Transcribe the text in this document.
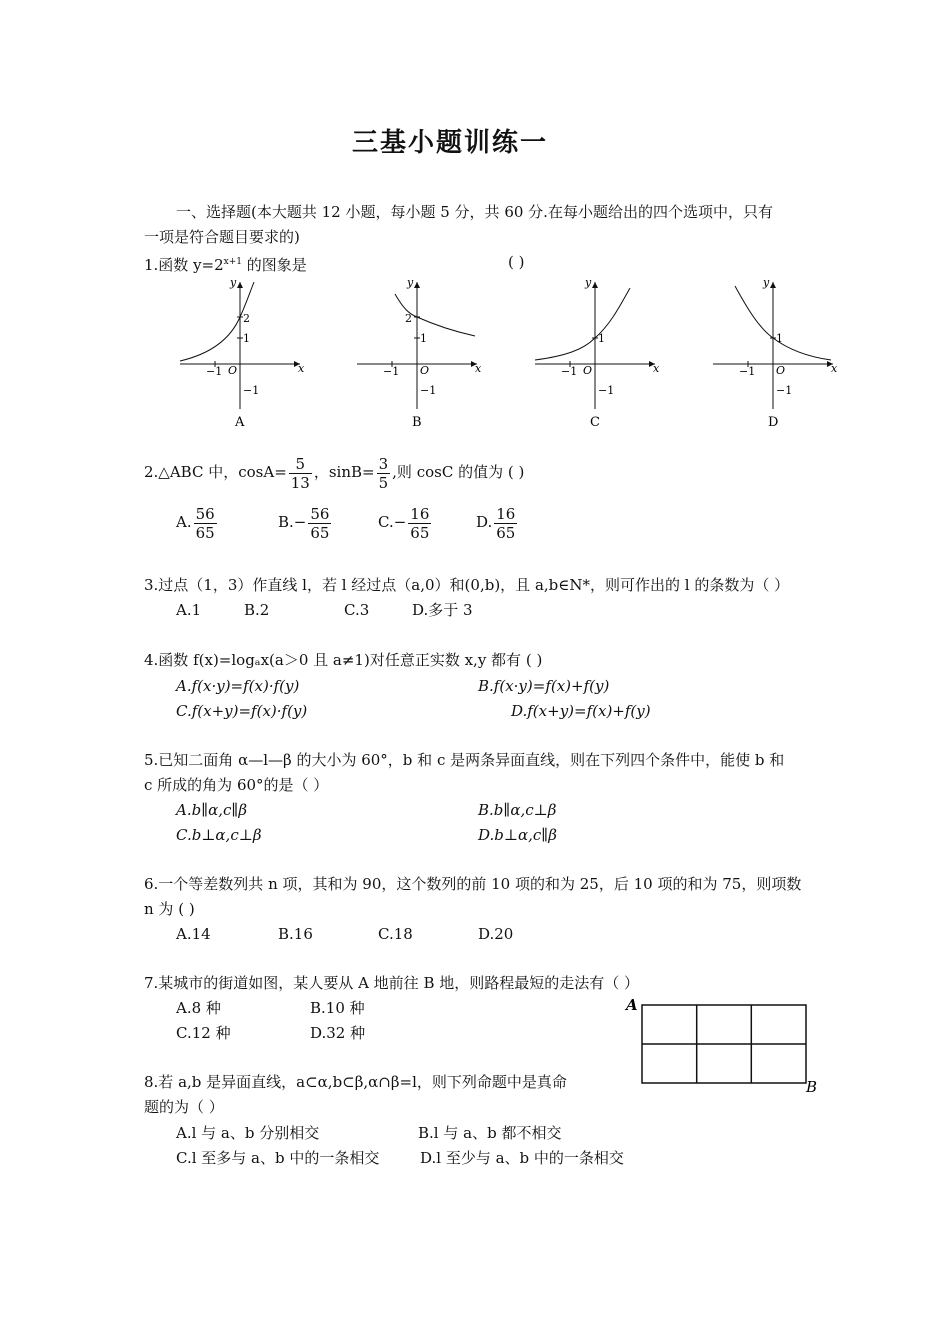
三基小题训练一
一、选择题(本大题共 12 小题，每小题 5 分，共 60 分.在每小题给出的四个选项中，只有
一项是符合题目要求的)
1.函数 $y=2^{x+1}$ 的图象是	( )
y
x
O
−1
1
2
−1
A
y
x
O
−1
1
2
−1
B
y
x
O
−1
1
−1
C
y
x
O
−1
1
−1
D
2.△ABC 中，$\cos A= \frac{5}{13}$ ，$\sin B= \frac{3}{5}$ ,则 cosC 的值为 ( )
A. $\frac{56}{65}$	$B.- \frac{56}{65}$	$C.- \frac{16}{65}$	D. $\frac{16}{65}$
3.过点（1，3）作直线 l，若 l 经过点（a,0）和(0,b)，且 a,b∈N*，则可作出的 l 的条数为（ ）
A.1	B.2	C.3	D.多于 3
4.函数 f(x)=logₐx(a＞0 且 a≠1)对任意正实数 x,y 都有 ( )
A.f(x·y)=f(x)·f(y)	B.f(x·y)=f(x)+f(y)
C.f(x+y)=f(x)·f(y)	D.f(x+y)=f(x)+f(y)
5.已知二面角 α—l—β 的大小为 60°，b 和 c 是两条异面直线，则在下列四个条件中，能使 b 和
c 所成的角为 60°的是（ ）
A.b∥α,c∥β	B.b∥α,c⊥β
C.b⊥α,c⊥β	D.b⊥α,c∥β
6.一个等差数列共 n 项，其和为 90，这个数列的前 10 项的和为 25，后 10 项的和为 75，则项数
n 为 ( )
A.14	B.16	C.18	D.20
7.某城市的街道如图，某人要从 A 地前往 B 地，则路程最短的走法有（ ）
A.8 种	B.10 种
C.12 种	D.32 种
A
B
8.若 a,b 是异面直线，a⊂α,b⊂β,α∩β=l，则下列命题中是真命
题的为（ ）
A.l 与 a、b 分别相交	B.l 与 a、b 都不相交
C.l 至多与 a、b 中的一条相交	D.l 至少与 a、b 中的一条相交
